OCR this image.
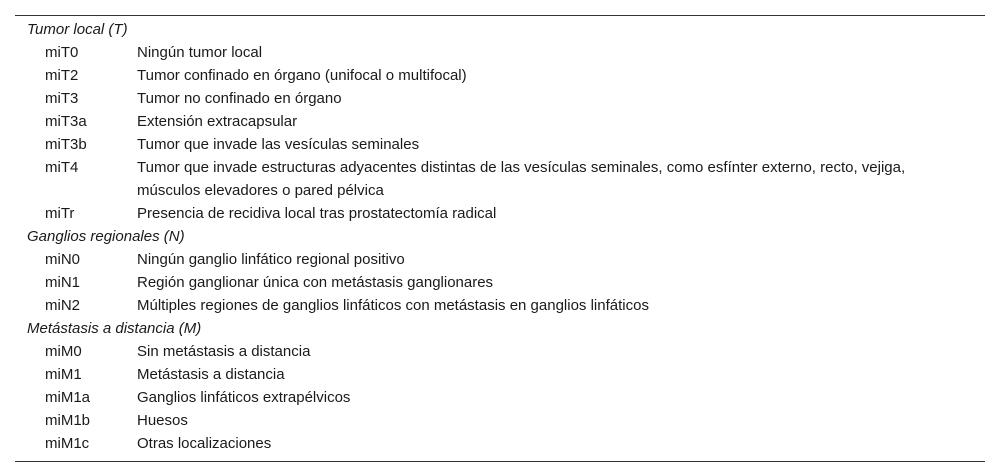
Tumor local (T)
miT0	Ningún tumor local
miT2	Tumor confinado en órgano (unifocal o multifocal)
miT3	Tumor no confinado en órgano
miT3a	Extensión extracapsular
miT3b	Tumor que invade las vesículas seminales
miT4	Tumor que invade estructuras adyacentes distintas de las vesículas seminales, como esfínter externo, recto, vejiga, músculos elevadores o pared pélvica
miTr	Presencia de recidiva local tras prostatectomía radical
Ganglios regionales (N)
miN0	Ningún ganglio linfático regional positivo
miN1	Región ganglionar única con metástasis ganglionares
miN2	Múltiples regiones de ganglios linfáticos con metástasis en ganglios linfáticos
Metástasis a distancia (M)
miM0	Sin metástasis a distancia
miM1	Metástasis a distancia
miM1a	Ganglios linfáticos extrapélvicos
miM1b	Huesos
miM1c	Otras localizaciones
